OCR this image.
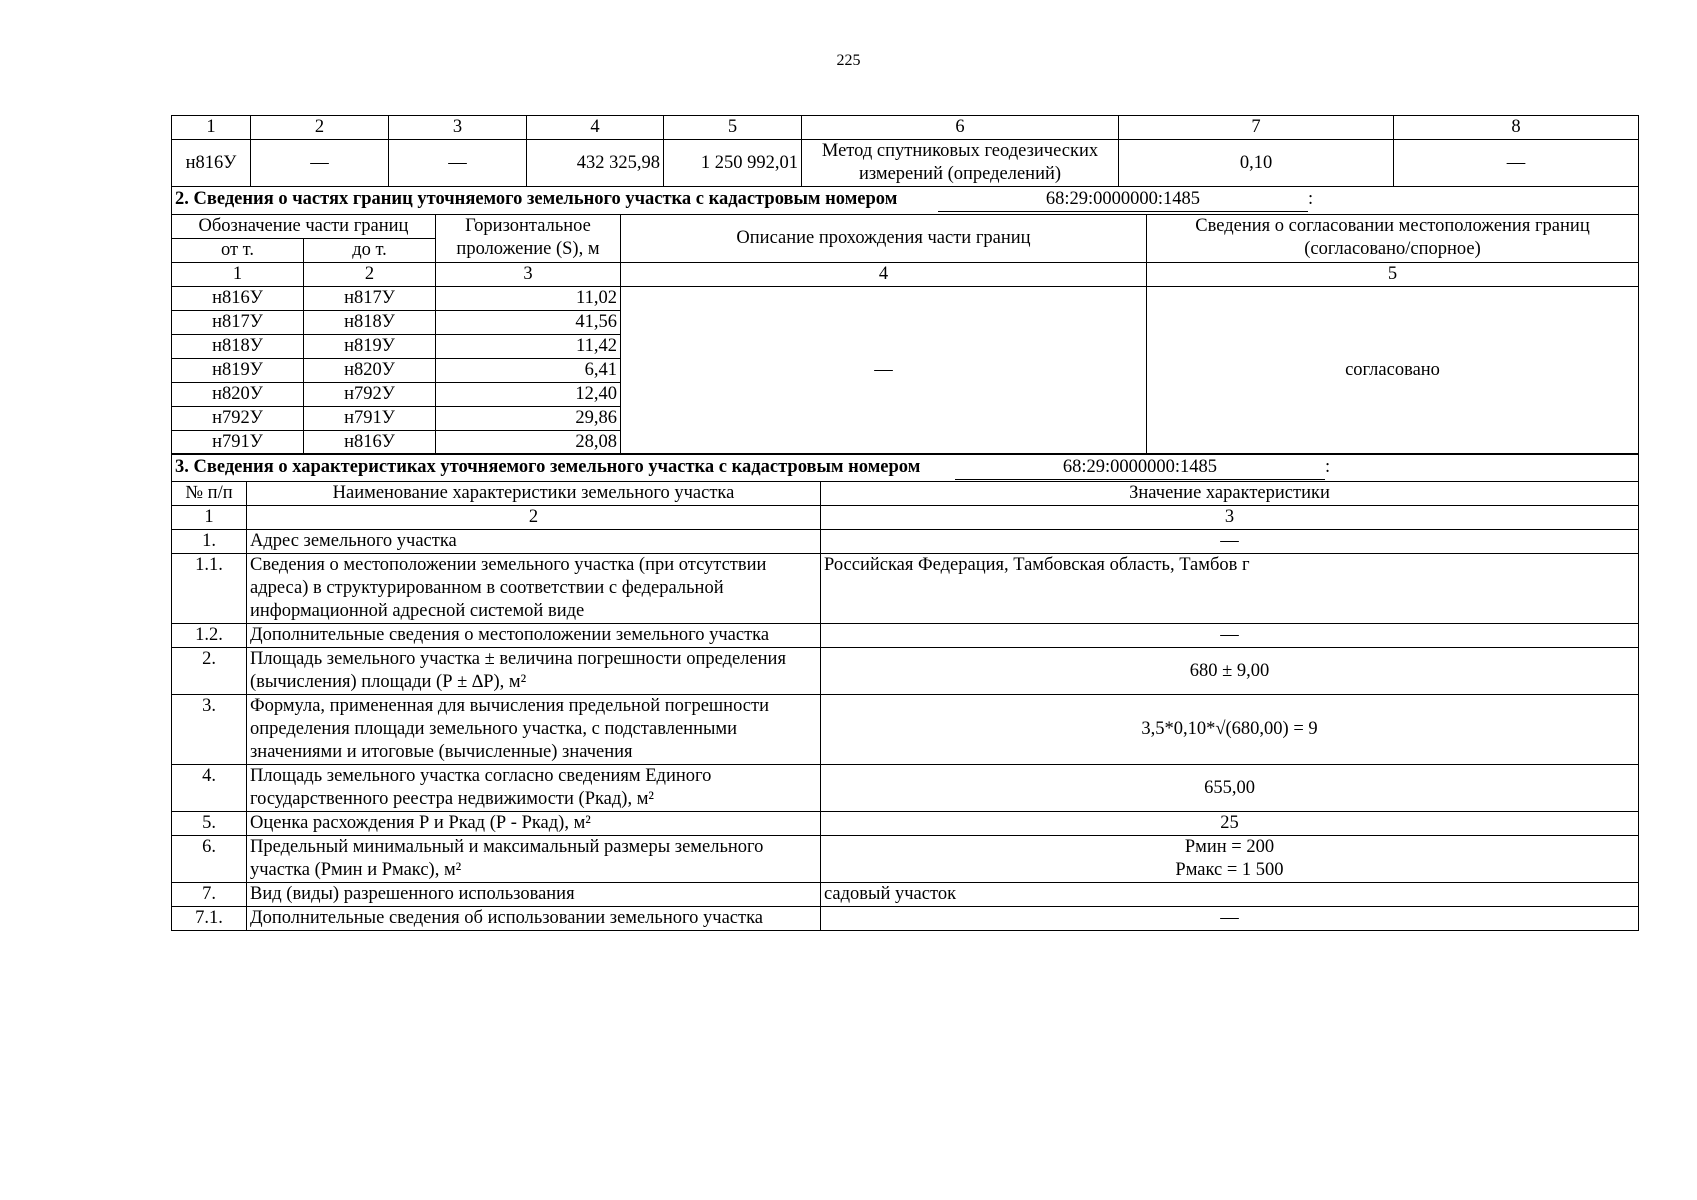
225
1	2	3	4	5	6	7	8
н816У	—	—	432 325,98	1 250 992,01	Метод спутниковых геодезических измерений (определений)	0,10	—
2. Сведения о частях границ уточняемого земельного участка с кадастровым номером 68:29:0000000:1485 :				
Обозначение части границ		Горизонтальное проложение (S), м	Описание прохождения части границ	Сведения о согласовании местоположения границ (согласовано/спорное)
от т.	до т.			
1	2	3	4	5
н816У	н817У	11,02	—	согласовано
н817У	н818У	41,56		
н818У	н819У	11,42		
н819У	н820У	6,41		
н820У	н792У	12,40		
н792У	н791У	29,86		
н791У	н816У	28,08		
3. Сведения о характеристиках уточняемого земельного участка с кадастровым номером 68:29:0000000:1485 :		
№ п/п	Наименование характеристики земельного участка	Значение характеристики
1	2	3
1.	Адрес земельного участка	—
1.1.	Сведения о местоположении земельного участка (при отсутствии адреса) в структурированном в соответствии с федеральной информационной адресной системой виде	Российская Федерация, Тамбовская область, Тамбов г
1.2.	Дополнительные сведения о местоположении земельного участка	—
2.	Площадь земельного участка ± величина погрешности определения (вычисления) площади (Р ± ∆Р), м²	680 ± 9,00
3.	Формула, примененная для вычисления предельной погрешности определения площади земельного участка, с подставленными значениями и итоговые (вычисленные) значения	3,5*0,10*√(680,00) = 9
4.	Площадь земельного участка согласно сведениям Единого государственного реестра недвижимости (Ркад), м²	655,00
5.	Оценка расхождения Р и Ркад (Р - Ркад), м²	25
6.	Предельный минимальный и максимальный размеры земельного участка (Рмин и Рмакс), м²	Рмин = 200
Рмакс = 1 500

7.	Вид (виды) разрешенного использования	садовый участок
7.1.	Дополнительные сведения об использовании земельного участка	—
